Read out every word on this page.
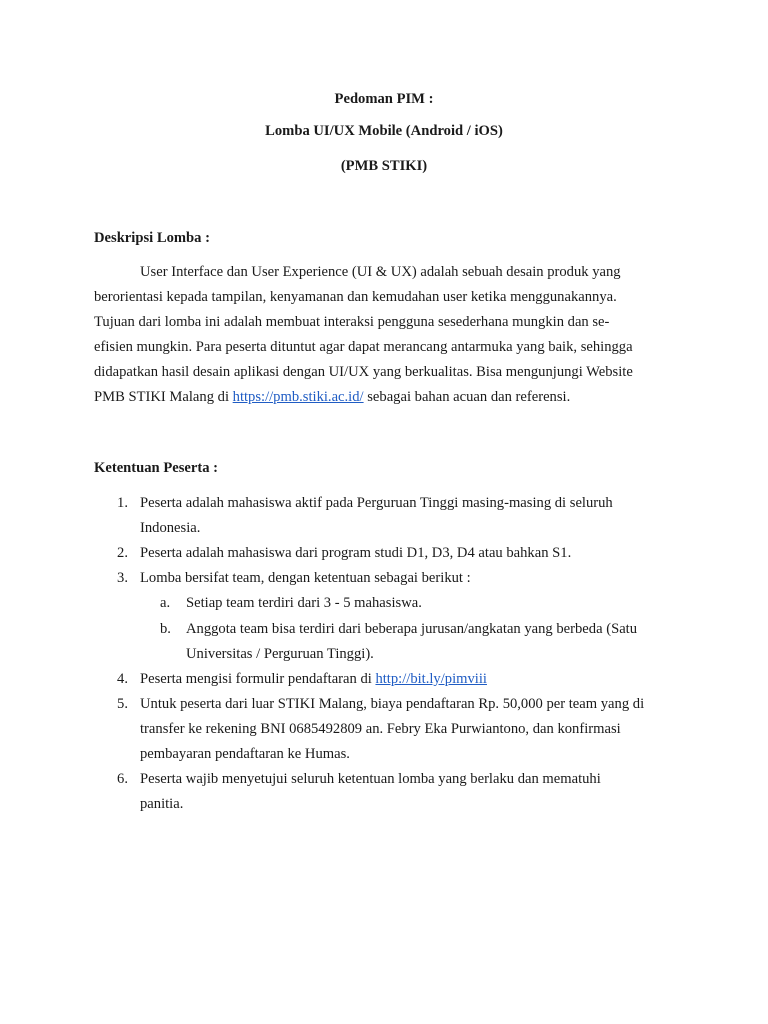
Pedoman PIM :
Lomba UI/UX Mobile (Android / iOS)
(PMB STIKI)
Deskripsi Lomba :
User Interface dan User Experience (UI & UX) adalah sebuah desain produk yang
berorientasi kepada tampilan, kenyamanan dan kemudahan user ketika menggunakannya.
Tujuan dari lomba ini adalah membuat interaksi pengguna sesederhana mungkin dan se-
efisien mungkin. Para peserta dituntut agar dapat merancang antarmuka yang baik, sehingga
didapatkan hasil desain aplikasi dengan UI/UX yang berkualitas. Bisa mengunjungi Website
PMB STIKI Malang di https://pmb.stiki.ac.id/ sebagai bahan acuan dan referensi.
Ketentuan Peserta :
1. Peserta adalah mahasiswa aktif pada Perguruan Tinggi masing-masing di seluruh
Indonesia.
2. Peserta adalah mahasiswa dari program studi D1, D3, D4 atau bahkan S1.
3. Lomba bersifat team, dengan ketentuan sebagai berikut :
a.	Setiap team terdiri dari 3 - 5 mahasiswa.
b.	Anggota team bisa terdiri dari beberapa jurusan/angkatan yang berbeda (Satu
Universitas / Perguruan Tinggi).
4. Peserta mengisi formulir pendaftaran di http://bit.ly/pimviii
5. Untuk peserta dari luar STIKI Malang, biaya pendaftaran Rp. 50,000 per team yang di
transfer ke rekening BNI 0685492809 an. Febry Eka Purwiantono, dan konfirmasi
pembayaran pendaftaran ke Humas.
6. Peserta wajib menyetujui seluruh ketentuan lomba yang berlaku dan mematuhi
panitia.
